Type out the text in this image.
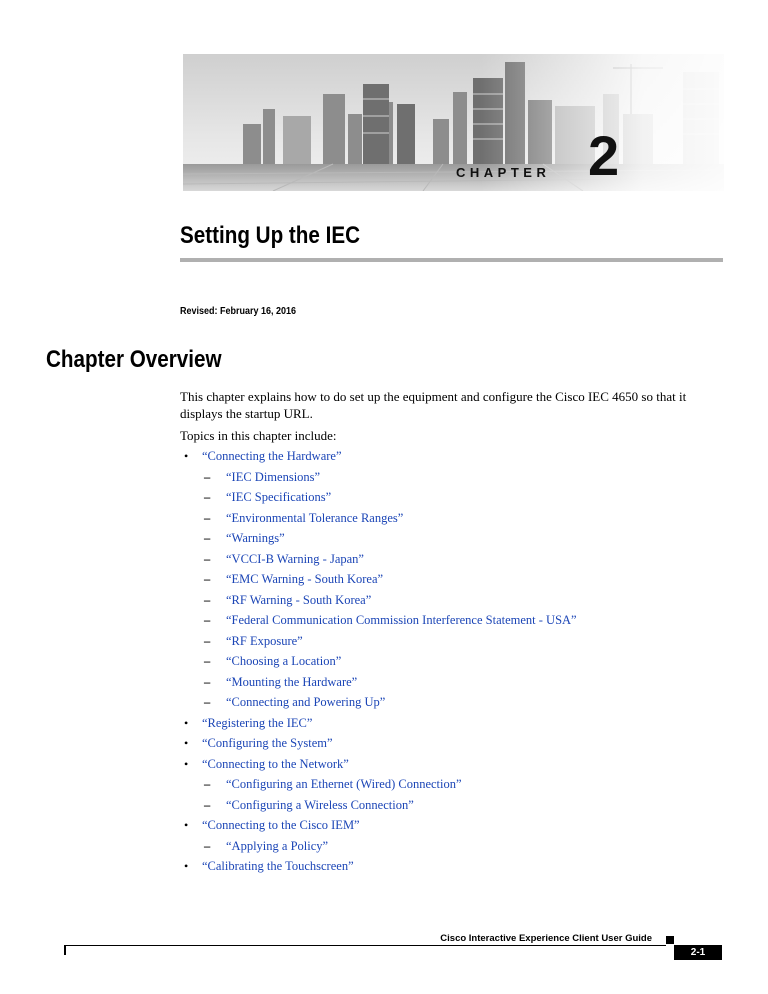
CHAPTER 2
Setting Up the IEC
Revised: February 16, 2016
Chapter Overview
This chapter explains how to do set up the equipment and configure the Cisco IEC 4650 so that it displays the startup URL.
Topics in this chapter include:
• “Connecting the Hardware”
– “IEC Dimensions”
– “IEC Specifications”
– “Environmental Tolerance Ranges”
– “Warnings”
– “VCCI-B Warning - Japan”
– “EMC Warning - South Korea”
– “RF Warning - South Korea”
– “Federal Communication Commission Interference Statement - USA”
– “RF Exposure”
– “Choosing a Location”
– “Mounting the Hardware”
– “Connecting and Powering Up”
• “Registering the IEC”
• “Configuring the System”
• “Connecting to the Network”
– “Configuring an Ethernet (Wired) Connection”
– “Configuring a Wireless Connection”
• “Connecting to the Cisco IEM”
– “Applying a Policy”
• “Calibrating the Touchscreen”
Cisco Interactive Experience Client User Guide
2-1
